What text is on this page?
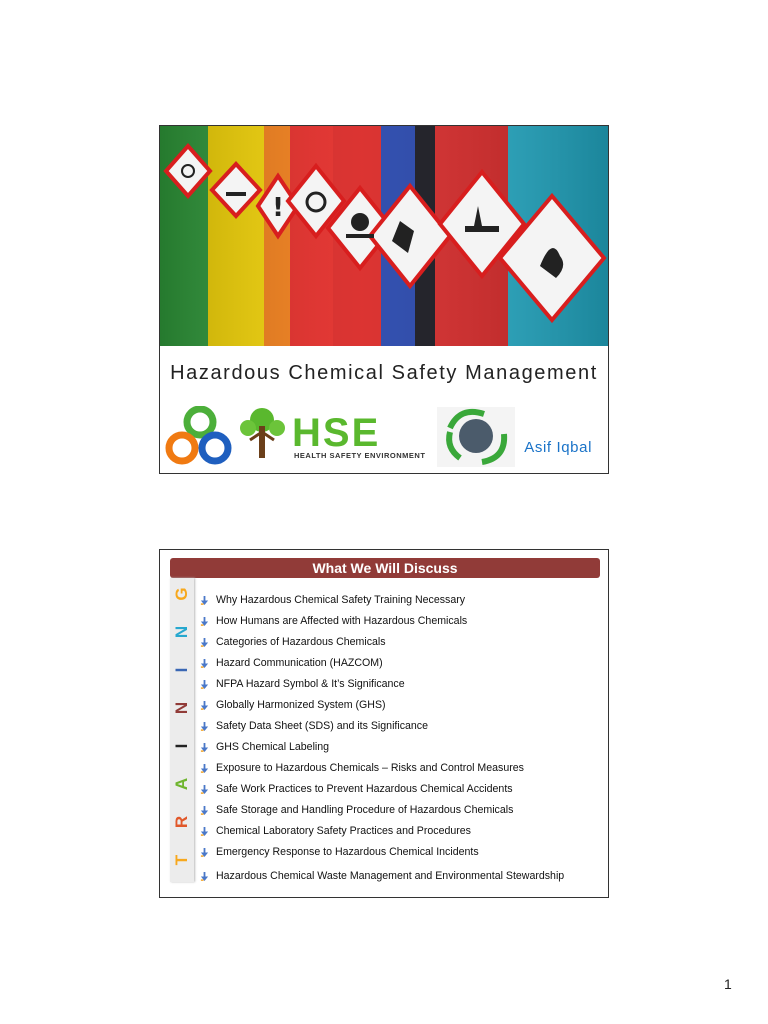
!
Hazardous Chemical Safety Management
HSE
HEALTH SAFETY ENVIRONMENT	Asif Iqbal
What We Will Discuss
G
N
I
N
I
A
R
T
Why Hazardous Chemical Safety Training Necessary
How Humans are Affected with Hazardous Chemicals
Categories of Hazardous Chemicals
Hazard Communication (HAZCOM)
NFPA Hazard Symbol & It’s Significance
Globally Harmonized System (GHS)
Safety Data Sheet (SDS) and its Significance
GHS Chemical Labeling
Exposure to Hazardous Chemicals – Risks and Control Measures
Safe Work Practices to Prevent Hazardous Chemical Accidents
Safe Storage and Handling Procedure of Hazardous Chemicals
Chemical Laboratory Safety Practices and Procedures
Emergency Response to Hazardous Chemical Incidents
Hazardous Chemical Waste Management and Environmental Stewardship
1
